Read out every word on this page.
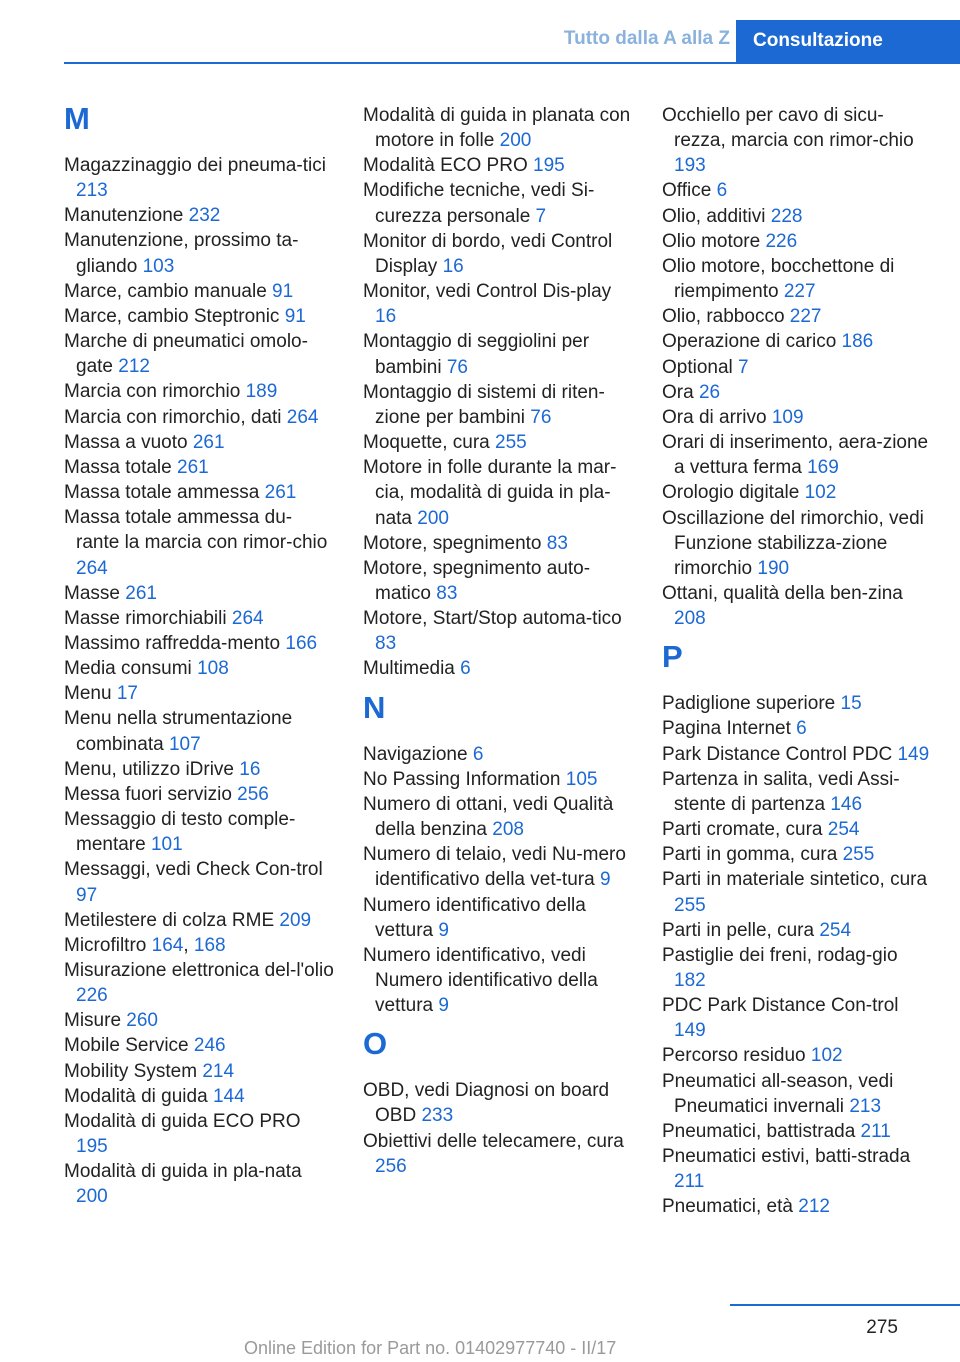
Tutto dalla A alla Z	Consultazione
M
Magazzinaggio dei pneuma-tici 213
Manutenzione 232
Manutenzione, prossimo ta-gliando 103
Marce, cambio manuale 91
Marce, cambio Steptronic 91
Marche di pneumatici omolo-gate 212
Marcia con rimorchio 189
Marcia con rimorchio, dati 264
Massa a vuoto 261
Massa totale 261
Massa totale ammessa 261
Massa totale ammessa du-rante la marcia con rimor-chio 264
Masse 261
Masse rimorchiabili 264
Massimo raffredda-mento 166
Media consumi 108
Menu 17
Menu nella strumentazione combinata 107
Menu, utilizzo iDrive 16
Messa fuori servizio 256
Messaggio di testo comple-mentare 101
Messaggi, vedi Check Con-trol 97
Metilestere di colza RME 209
Microfiltro 164, 168
Misurazione elettronica del-l'olio 226
Misure 260
Mobile Service 246
Mobility System 214
Modalità di guida 144
Modalità di guida ECO PRO 195
Modalità di guida in pla-nata 200
Modalità di guida in planata con motore in folle 200
Modalità ECO PRO 195
Modifiche tecniche, vedi Si-curezza personale 7
Monitor di bordo, vedi Control Display 16
Monitor, vedi Control Dis-play 16
Montaggio di seggiolini per bambini 76
Montaggio di sistemi di riten-zione per bambini 76
Moquette, cura 255
Motore in folle durante la mar-cia, modalità di guida in pla-nata 200
Motore, spegnimento 83
Motore, spegnimento auto-matico 83
Motore, Start/Stop automa-tico 83
Multimedia 6
N
Navigazione 6
No Passing Information 105
Numero di ottani, vedi Qualità della benzina 208
Numero di telaio, vedi Nu-mero identificativo della vet-tura 9
Numero identificativo della vettura 9
Numero identificativo, vedi Numero identificativo della vettura 9
O
OBD, vedi Diagnosi on board OBD 233
Obiettivi delle telecamere, cura 256
Occhiello per cavo di sicu-rezza, marcia con rimor-chio 193
Office 6
Olio, additivi 228
Olio motore 226
Olio motore, bocchettone di riempimento 227
Olio, rabbocco 227
Operazione di carico 186
Optional 7
Ora 26
Ora di arrivo 109
Orari di inserimento, aera-zione a vettura ferma 169
Orologio digitale 102
Oscillazione del rimorchio, vedi Funzione stabilizza-zione rimorchio 190
Ottani, qualità della ben-zina 208
P
Padiglione superiore 15
Pagina Internet 6
Park Distance Control PDC 149
Partenza in salita, vedi Assi-stente di partenza 146
Parti cromate, cura 254
Parti in gomma, cura 255
Parti in materiale sintetico, cura 255
Parti in pelle, cura 254
Pastiglie dei freni, rodag-gio 182
PDC Park Distance Con-trol 149
Percorso residuo 102
Pneumatici all-season, vedi Pneumatici invernali 213
Pneumatici, battistrada 211
Pneumatici estivi, batti-strada 211
Pneumatici, età 212
275
Online Edition for Part no. 01402977740 - II/17
